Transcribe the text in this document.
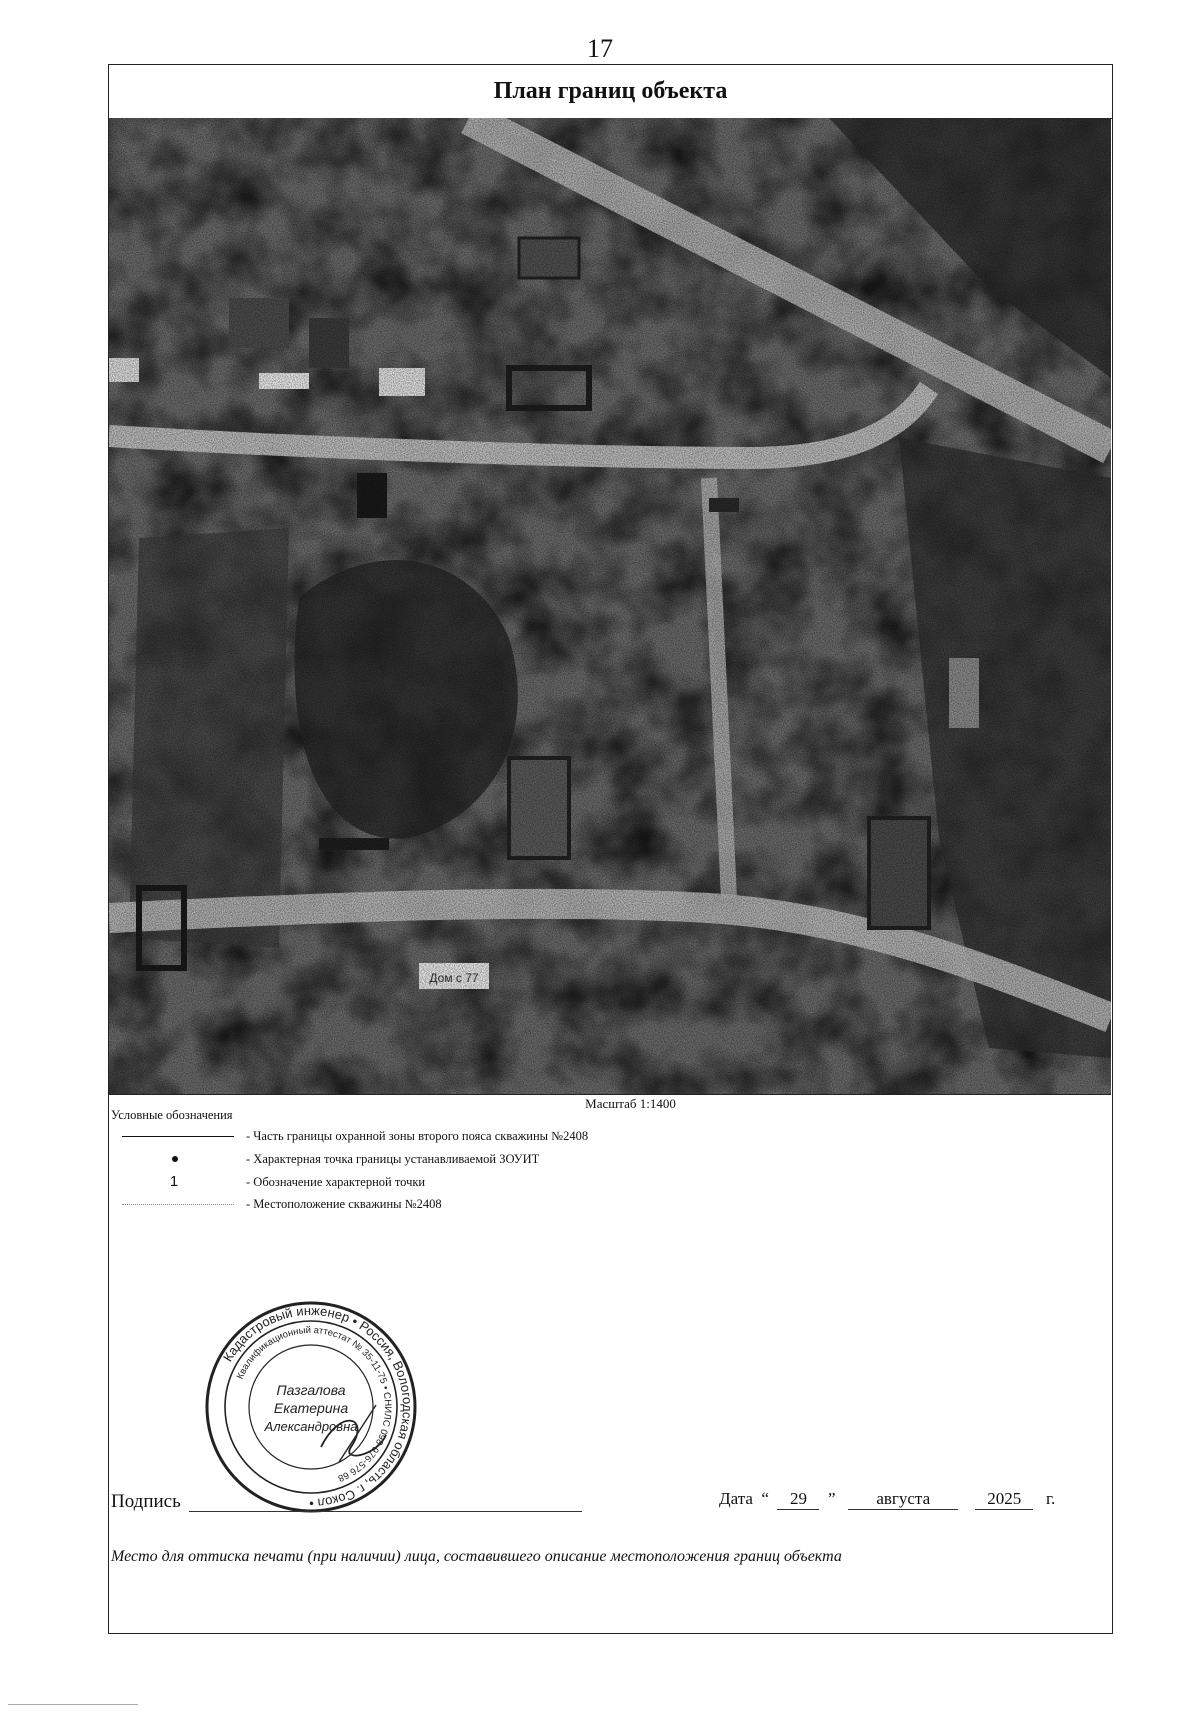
17
План границ объекта
Масштаб 1:1400
Условные обозначения
- Часть границы охранной зоны второго пояса скважины №2408
- Характерная точка границы устанавливаемой ЗОУИТ
1	- Обозначение характерной точки
- Местоположение скважины №2408
Кадастровый инженер • Россия, Вологодская область, г. Сокол •
Квалификационный аттестат № 35-11-75 • СНИЛС 098-976-576 68
Пазгалова
Екатерина
Александровна
Подпись	Дата  “  29  ”   августа	2025 г.
Место для оттиска печати (при наличии) лица, составившего описание местоположения границ объекта
